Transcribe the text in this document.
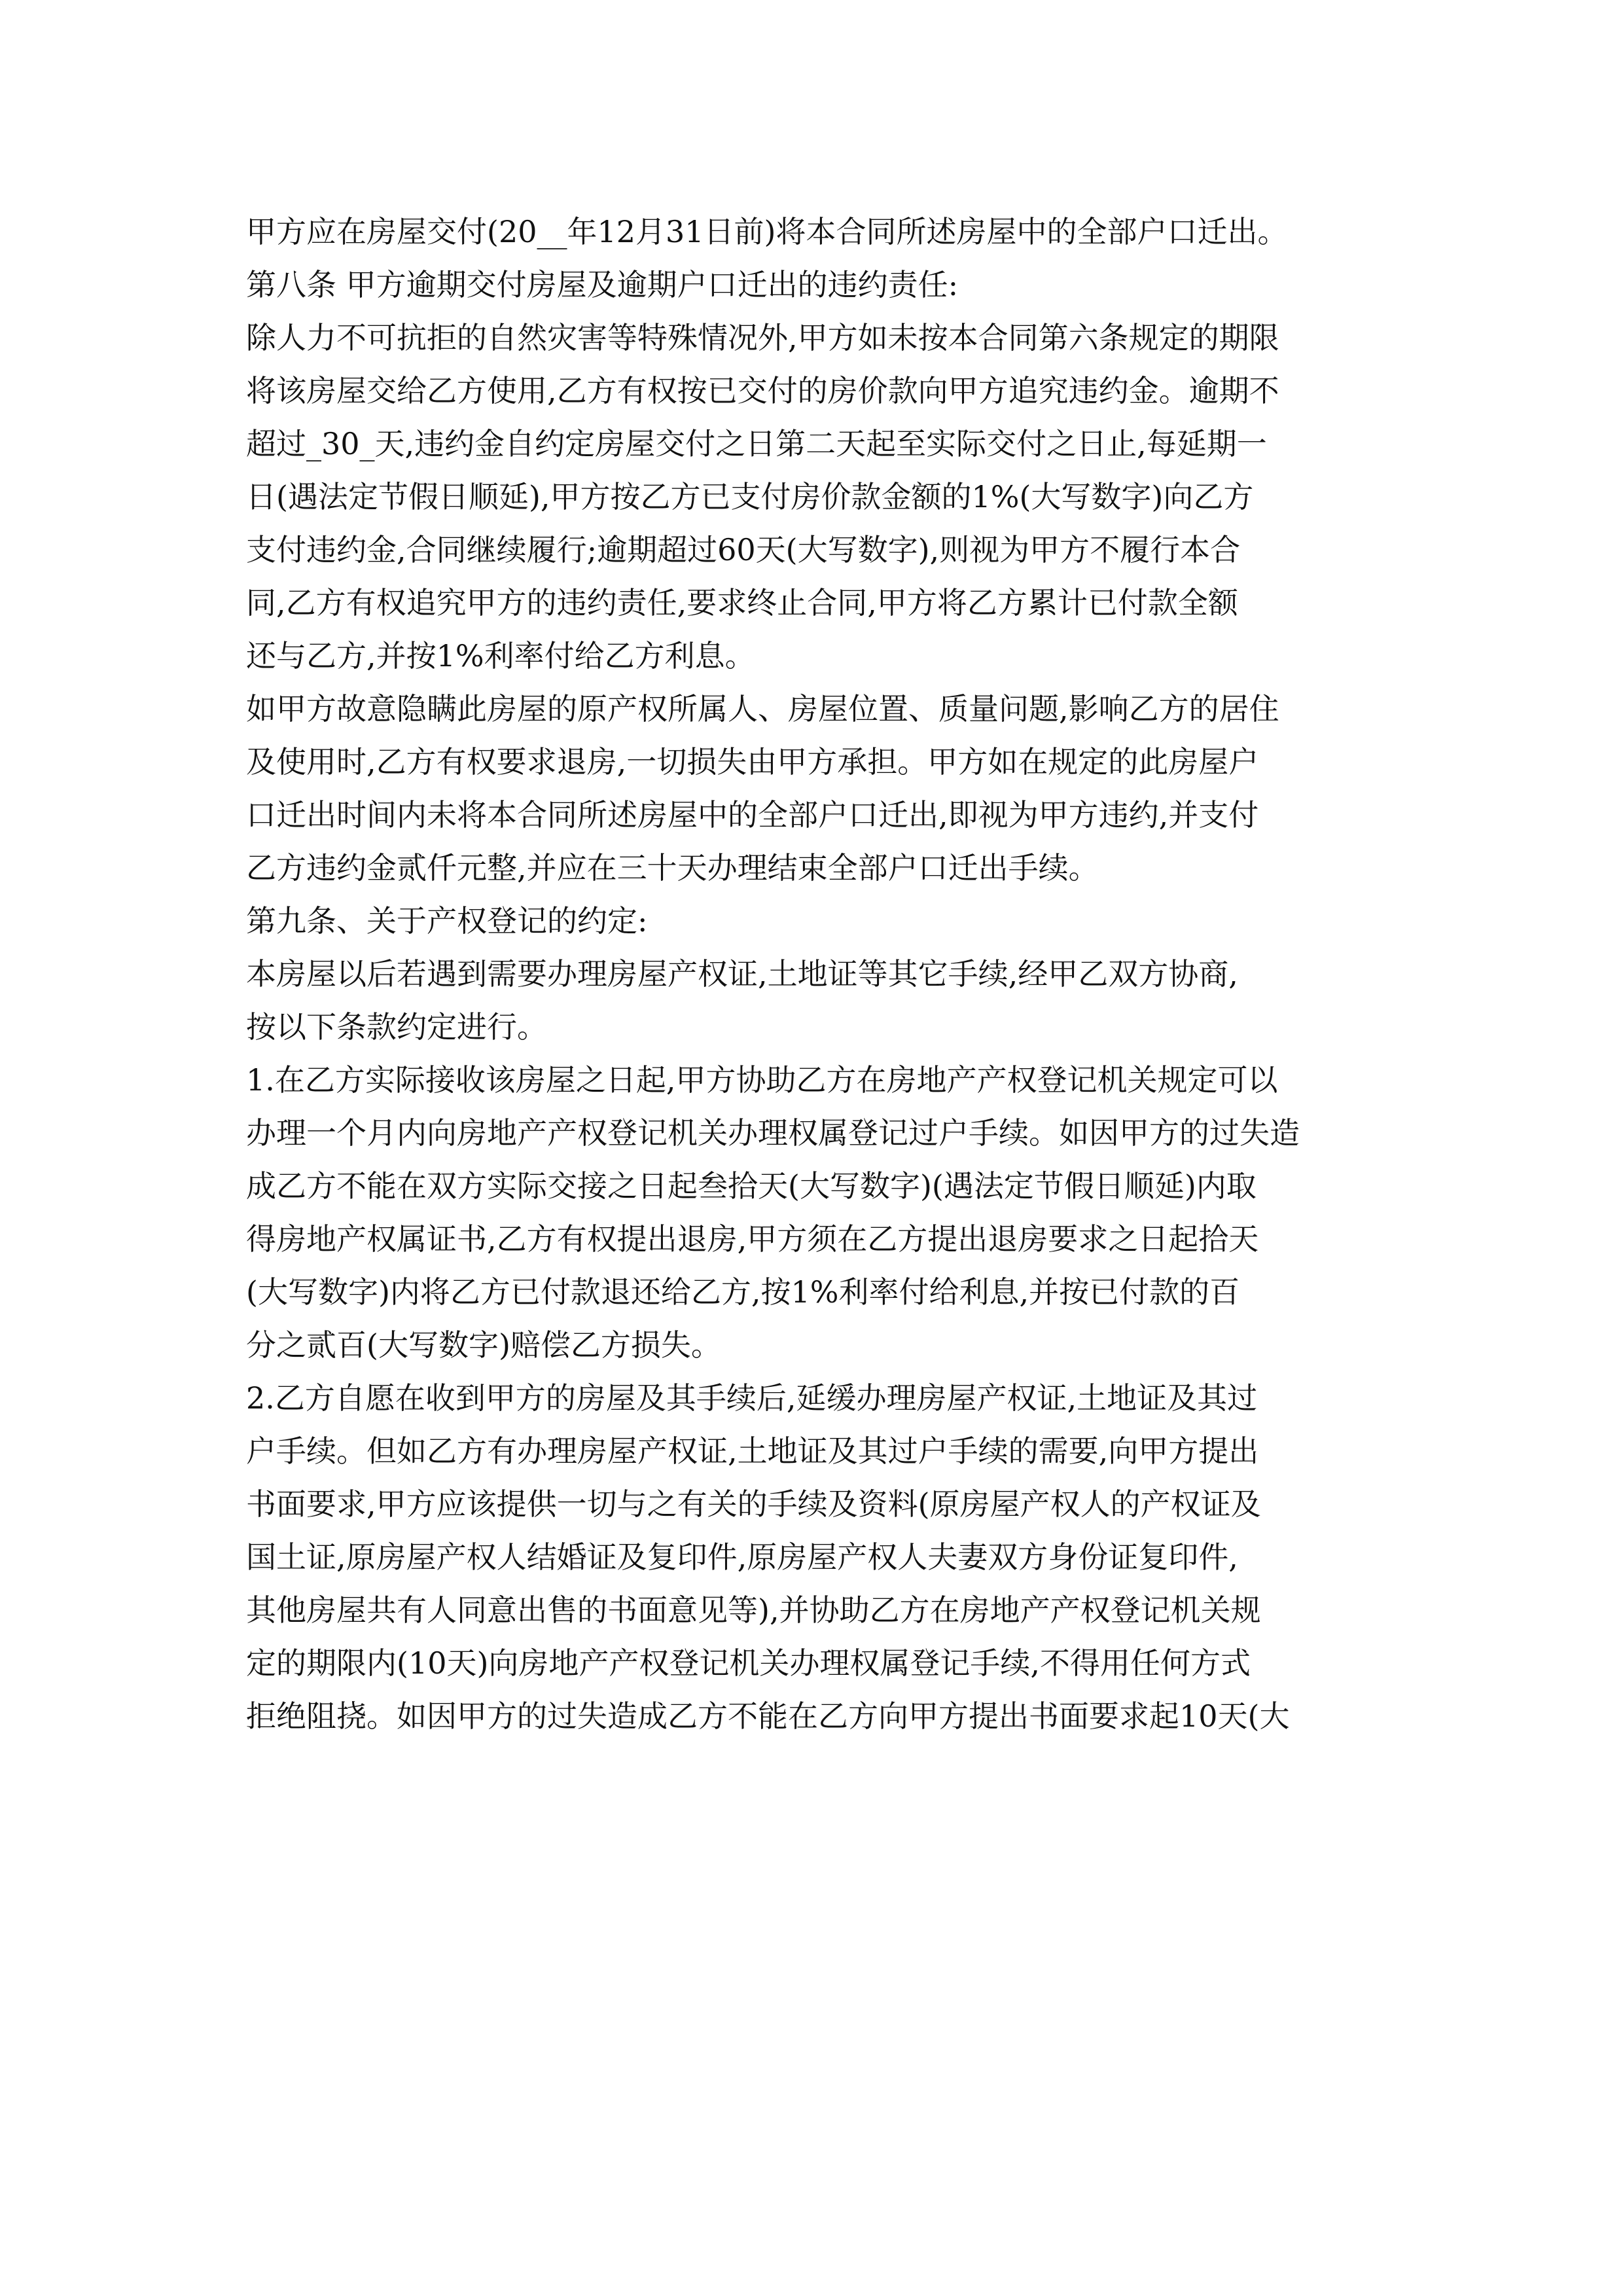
甲方应在房屋交付(20__年12月31日前)将本合同所述房屋中的全部户口迁出。
第八条 甲方逾期交付房屋及逾期户口迁出的违约责任:
除人力不可抗拒的自然灾害等特殊情况外,甲方如未按本合同第六条规定的期限
将该房屋交给乙方使用,乙方有权按已交付的房价款向甲方追究违约金。逾期不
超过_30_天,违约金自约定房屋交付之日第二天起至实际交付之日止,每延期一
日(遇法定节假日顺延),甲方按乙方已支付房价款金额的1%(大写数字)向乙方
支付违约金,合同继续履行;逾期超过60天(大写数字),则视为甲方不履行本合
同,乙方有权追究甲方的违约责任,要求终止合同,甲方将乙方累计已付款全额
还与乙方,并按1%利率付给乙方利息。
如甲方故意隐瞒此房屋的原产权所属人、房屋位置、质量问题,影响乙方的居住
及使用时,乙方有权要求退房,一切损失由甲方承担。甲方如在规定的此房屋户
口迁出时间内未将本合同所述房屋中的全部户口迁出,即视为甲方违约,并支付
乙方违约金贰仟元整,并应在三十天办理结束全部户口迁出手续。
第九条、关于产权登记的约定:
本房屋以后若遇到需要办理房屋产权证,土地证等其它手续,经甲乙双方协商,
按以下条款约定进行。
1.在乙方实际接收该房屋之日起,甲方协助乙方在房地产产权登记机关规定可以
办理一个月内向房地产产权登记机关办理权属登记过户手续。如因甲方的过失造
成乙方不能在双方实际交接之日起叁拾天(大写数字)(遇法定节假日顺延)内取
得房地产权属证书,乙方有权提出退房,甲方须在乙方提出退房要求之日起拾天
(大写数字)内将乙方已付款退还给乙方,按1%利率付给利息,并按已付款的百
分之贰百(大写数字)赔偿乙方损失。
2.乙方自愿在收到甲方的房屋及其手续后,延缓办理房屋产权证,土地证及其过
户手续。但如乙方有办理房屋产权证,土地证及其过户手续的需要,向甲方提出
书面要求,甲方应该提供一切与之有关的手续及资料(原房屋产权人的产权证及
国土证,原房屋产权人结婚证及复印件,原房屋产权人夫妻双方身份证复印件,
其他房屋共有人同意出售的书面意见等),并协助乙方在房地产产权登记机关规
定的期限内(10天)向房地产产权登记机关办理权属登记手续,不得用任何方式
拒绝阻挠。如因甲方的过失造成乙方不能在乙方向甲方提出书面要求起10天(大
